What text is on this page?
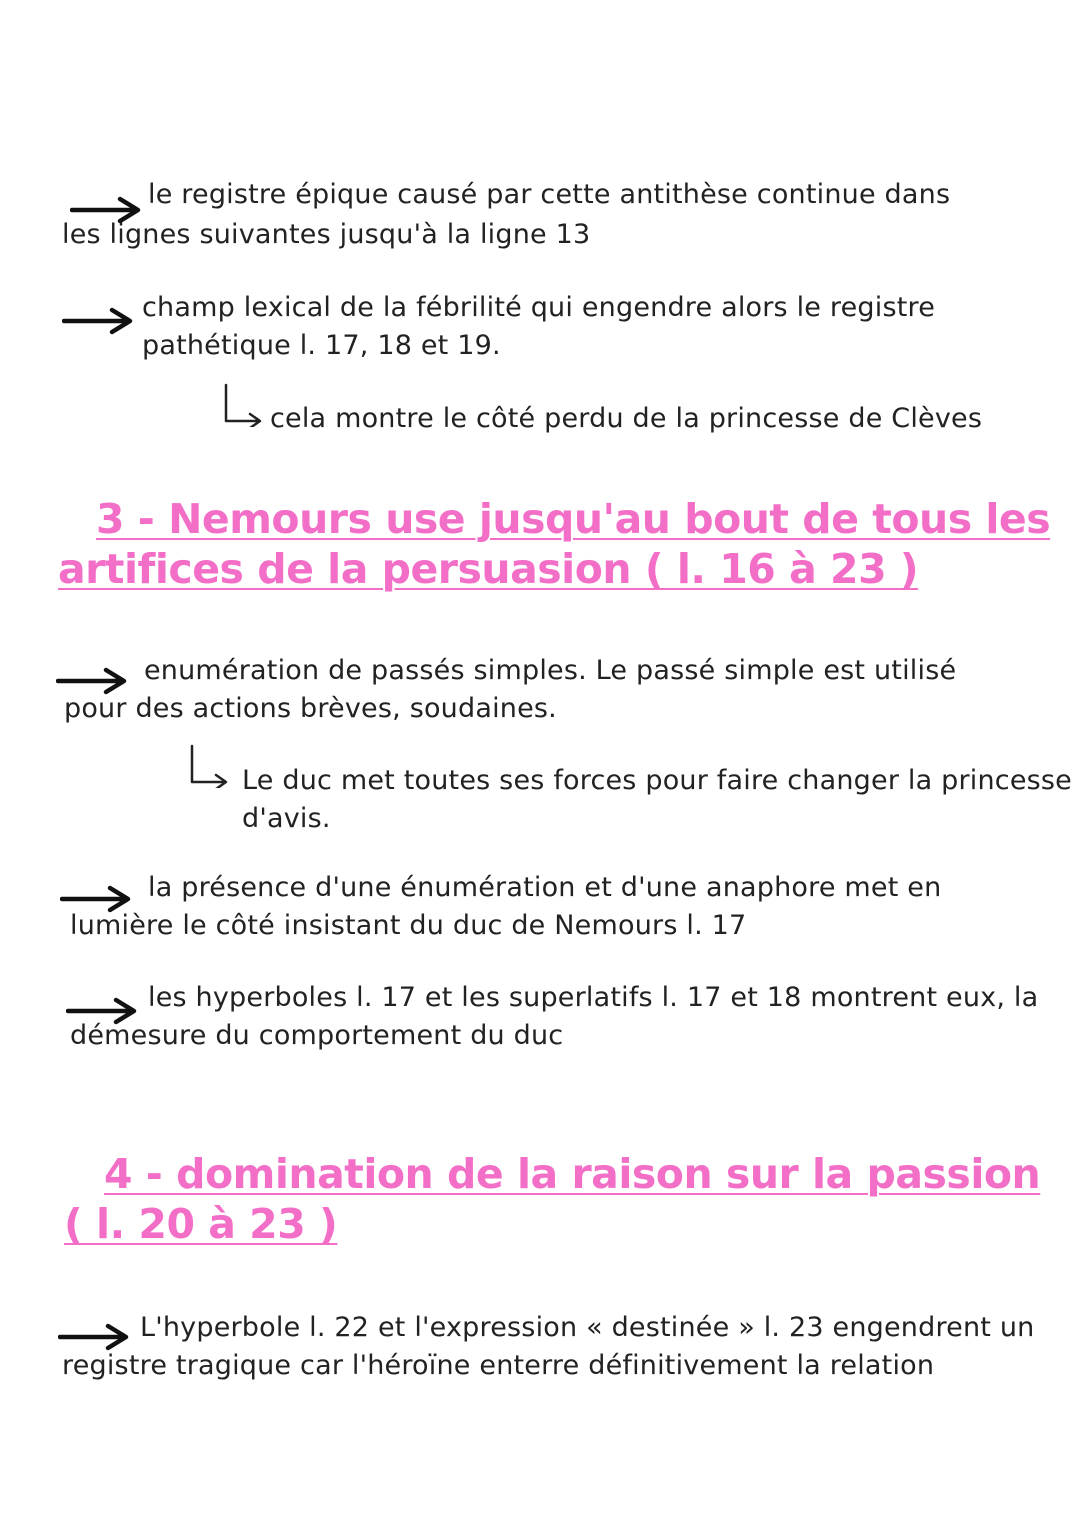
le registre épique causé par cette antithèse continue dans
les lignes suivantes jusqu'à la ligne 13
champ lexical de la fébrilité qui engendre alors le registre
pathétique l. 17, 18 et 19.
cela montre le côté perdu de la princesse de Clèves
3 - Nemours use jusqu'au bout de tous les
artifices de la persuasion ( l. 16 à 23 )
enumération de passés simples. Le passé simple est utilisé
pour des actions brèves, soudaines.
Le duc met toutes ses forces pour faire changer la princesse
d'avis.
la présence d'une énumération et d'une anaphore met en
lumière le côté insistant du duc de Nemours l. 17
les hyperboles l. 17 et les superlatifs l. 17 et 18 montrent eux, la
démesure du comportement du duc
4 - domination de la raison sur la passion
( l. 20 à 23 )
L'hyperbole l. 22 et l'expression « destinée » l. 23 engendrent un
registre tragique car l'héroïne enterre définitivement la relation
